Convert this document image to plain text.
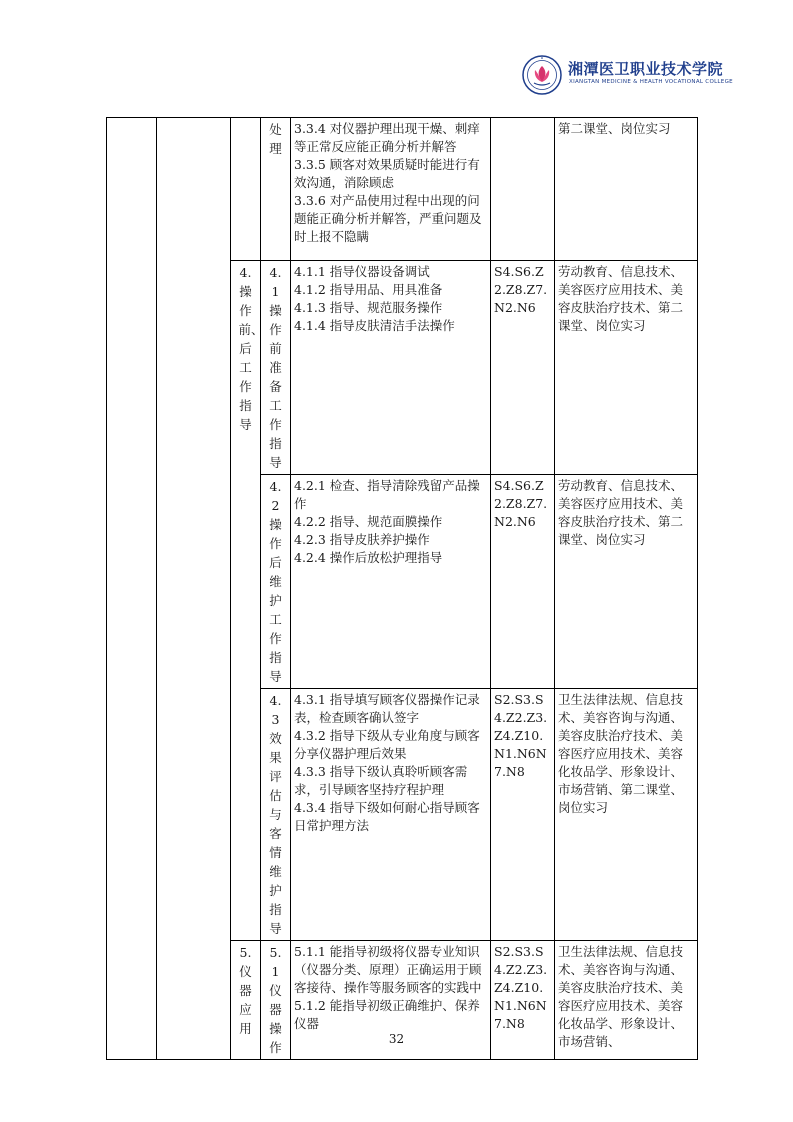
湘潭医卫职业技术学院
XIANGTAN MEDICINE & HEALTH VOCATIONAL COLLEGE

			处理	3.3.4 对仪器护理出现干燥、刺痒等正常反应能正确分析并解答
3.3.5 顾客对效果质疑时能进行有效沟通，消除顾虑
3.3.6 对产品使用过程中出现的问题能正确分析并解答，严重问题及时上报不隐瞒		第二课堂、岗位实习

		4.操作前、后工作指导	4.1操作前准备工作指导	4.1.1 指导仪器设备调试
4.1.2 指导用品、用具准备
4.1.3 指导、规范服务操作
4.1.4 指导皮肤清洁手法操作	S4.S6.Z2.Z8.Z7.N2.N6	劳动教育、信息技术、美容医疗应用技术、美容皮肤治疗技术、第二课堂、岗位实习

			4.2操作后维护工作指导	4.2.1 检查、指导清除残留产品操作
4.2.2 指导、规范面膜操作
4.2.3 指导皮肤养护操作
4.2.4 操作后放松护理指导	S4.S6.Z2.Z8.Z7.N2.N6	劳动教育、信息技术、美容医疗应用技术、美容皮肤治疗技术、第二课堂、岗位实习

			4.3效果评估与客情维护指导	4.3.1 指导填写顾客仪器操作记录表，检查顾客确认签字
4.3.2 指导下级从专业角度与顾客分享仪器护理后效果
4.3.3 指导下级认真聆听顾客需求，引导顾客坚持疗程护理
4.3.4 指导下级如何耐心指导顾客日常护理方法	S2.S3.S4.Z2.Z3.Z4.Z10.N1.N6N7.N8	卫生法律法规、信息技术、美容咨询与沟通、美容皮肤治疗技术、美容医疗应用技术、美容化妆品学、形象设计、市场营销、第二课堂、岗位实习

		5.仪器应用	5.1仪器操作	5.1.1 能指导初级将仪器专业知识（仪器分类、原理）正确运用于顾客接待、操作等服务顾客的实践中
5.1.2 能指导初级正确维护、保养仪器	S2.S3.S4.Z2.Z3.Z4.Z10.N1.N6N7.N8	卫生法律法规、信息技术、美容咨询与沟通、美容皮肤治疗技术、美容医疗应用技术、美容化妆品学、形象设计、市场营销、
32
